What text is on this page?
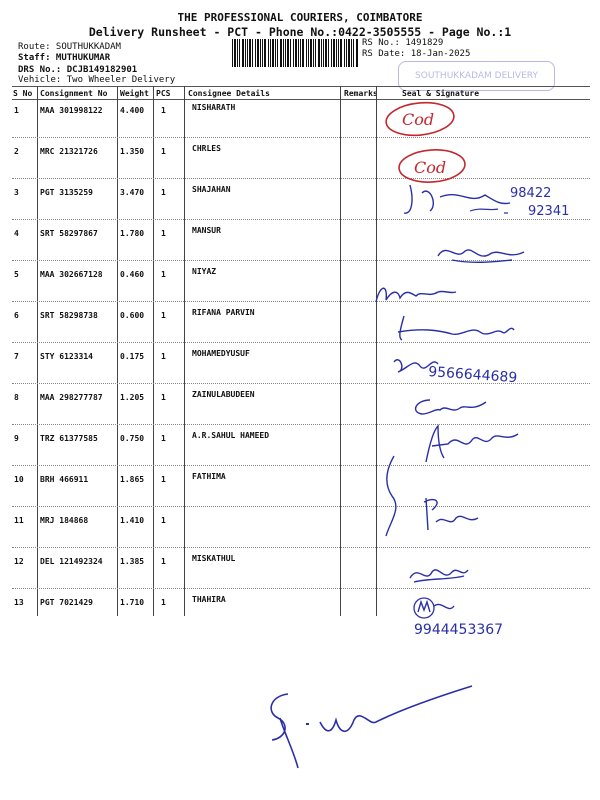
THE PROFESSIONAL COURIERS, COIMBATORE
Delivery Runsheet - PCT - Phone No.:0422-3505555 - Page No.:1
Route: SOUTHUKKADAM
Staff: MUTHUKUMAR
DRS No.: DCJB149182901
Vehicle: Two Wheeler Delivery
RS No.: 1491829
RS Date: 18-Jan-2025
SOUTHUKKADAM DELIVERY
S No Consignment No Weight PCS Consignee Details	Remarks	Seal & Signature
1	MAA 301998122 4.400 1	NISHARATH
2	MRC 21321726	1.350 1	CHRLES
3	PGT 3135259	3.470 1	SHAJAHAN
4	SRT 58297867	1.780 1	MANSUR
5	MAA 302667128 0.460 1	NIYAZ
6	SRT 58298738	0.600 1	RIFANA PARVIN
7	STY 6123314	0.175 1	MOHAMEDYUSUF
8	MAA 298277787 1.205 1	ZAINULABUDEEN
9	TRZ 61377585	0.750 1	A.R.SAHUL HAMEED
10 BRH 466911	1.865 1	FATHIMA
11 MRJ 184868	1.410 1
12 DEL 121492324 1.385 1	MISKATHUL
13 PGT 7021429	1.710 1	THAHIRA
Cod
Cod
98422
92341
9566644689
9944453367
